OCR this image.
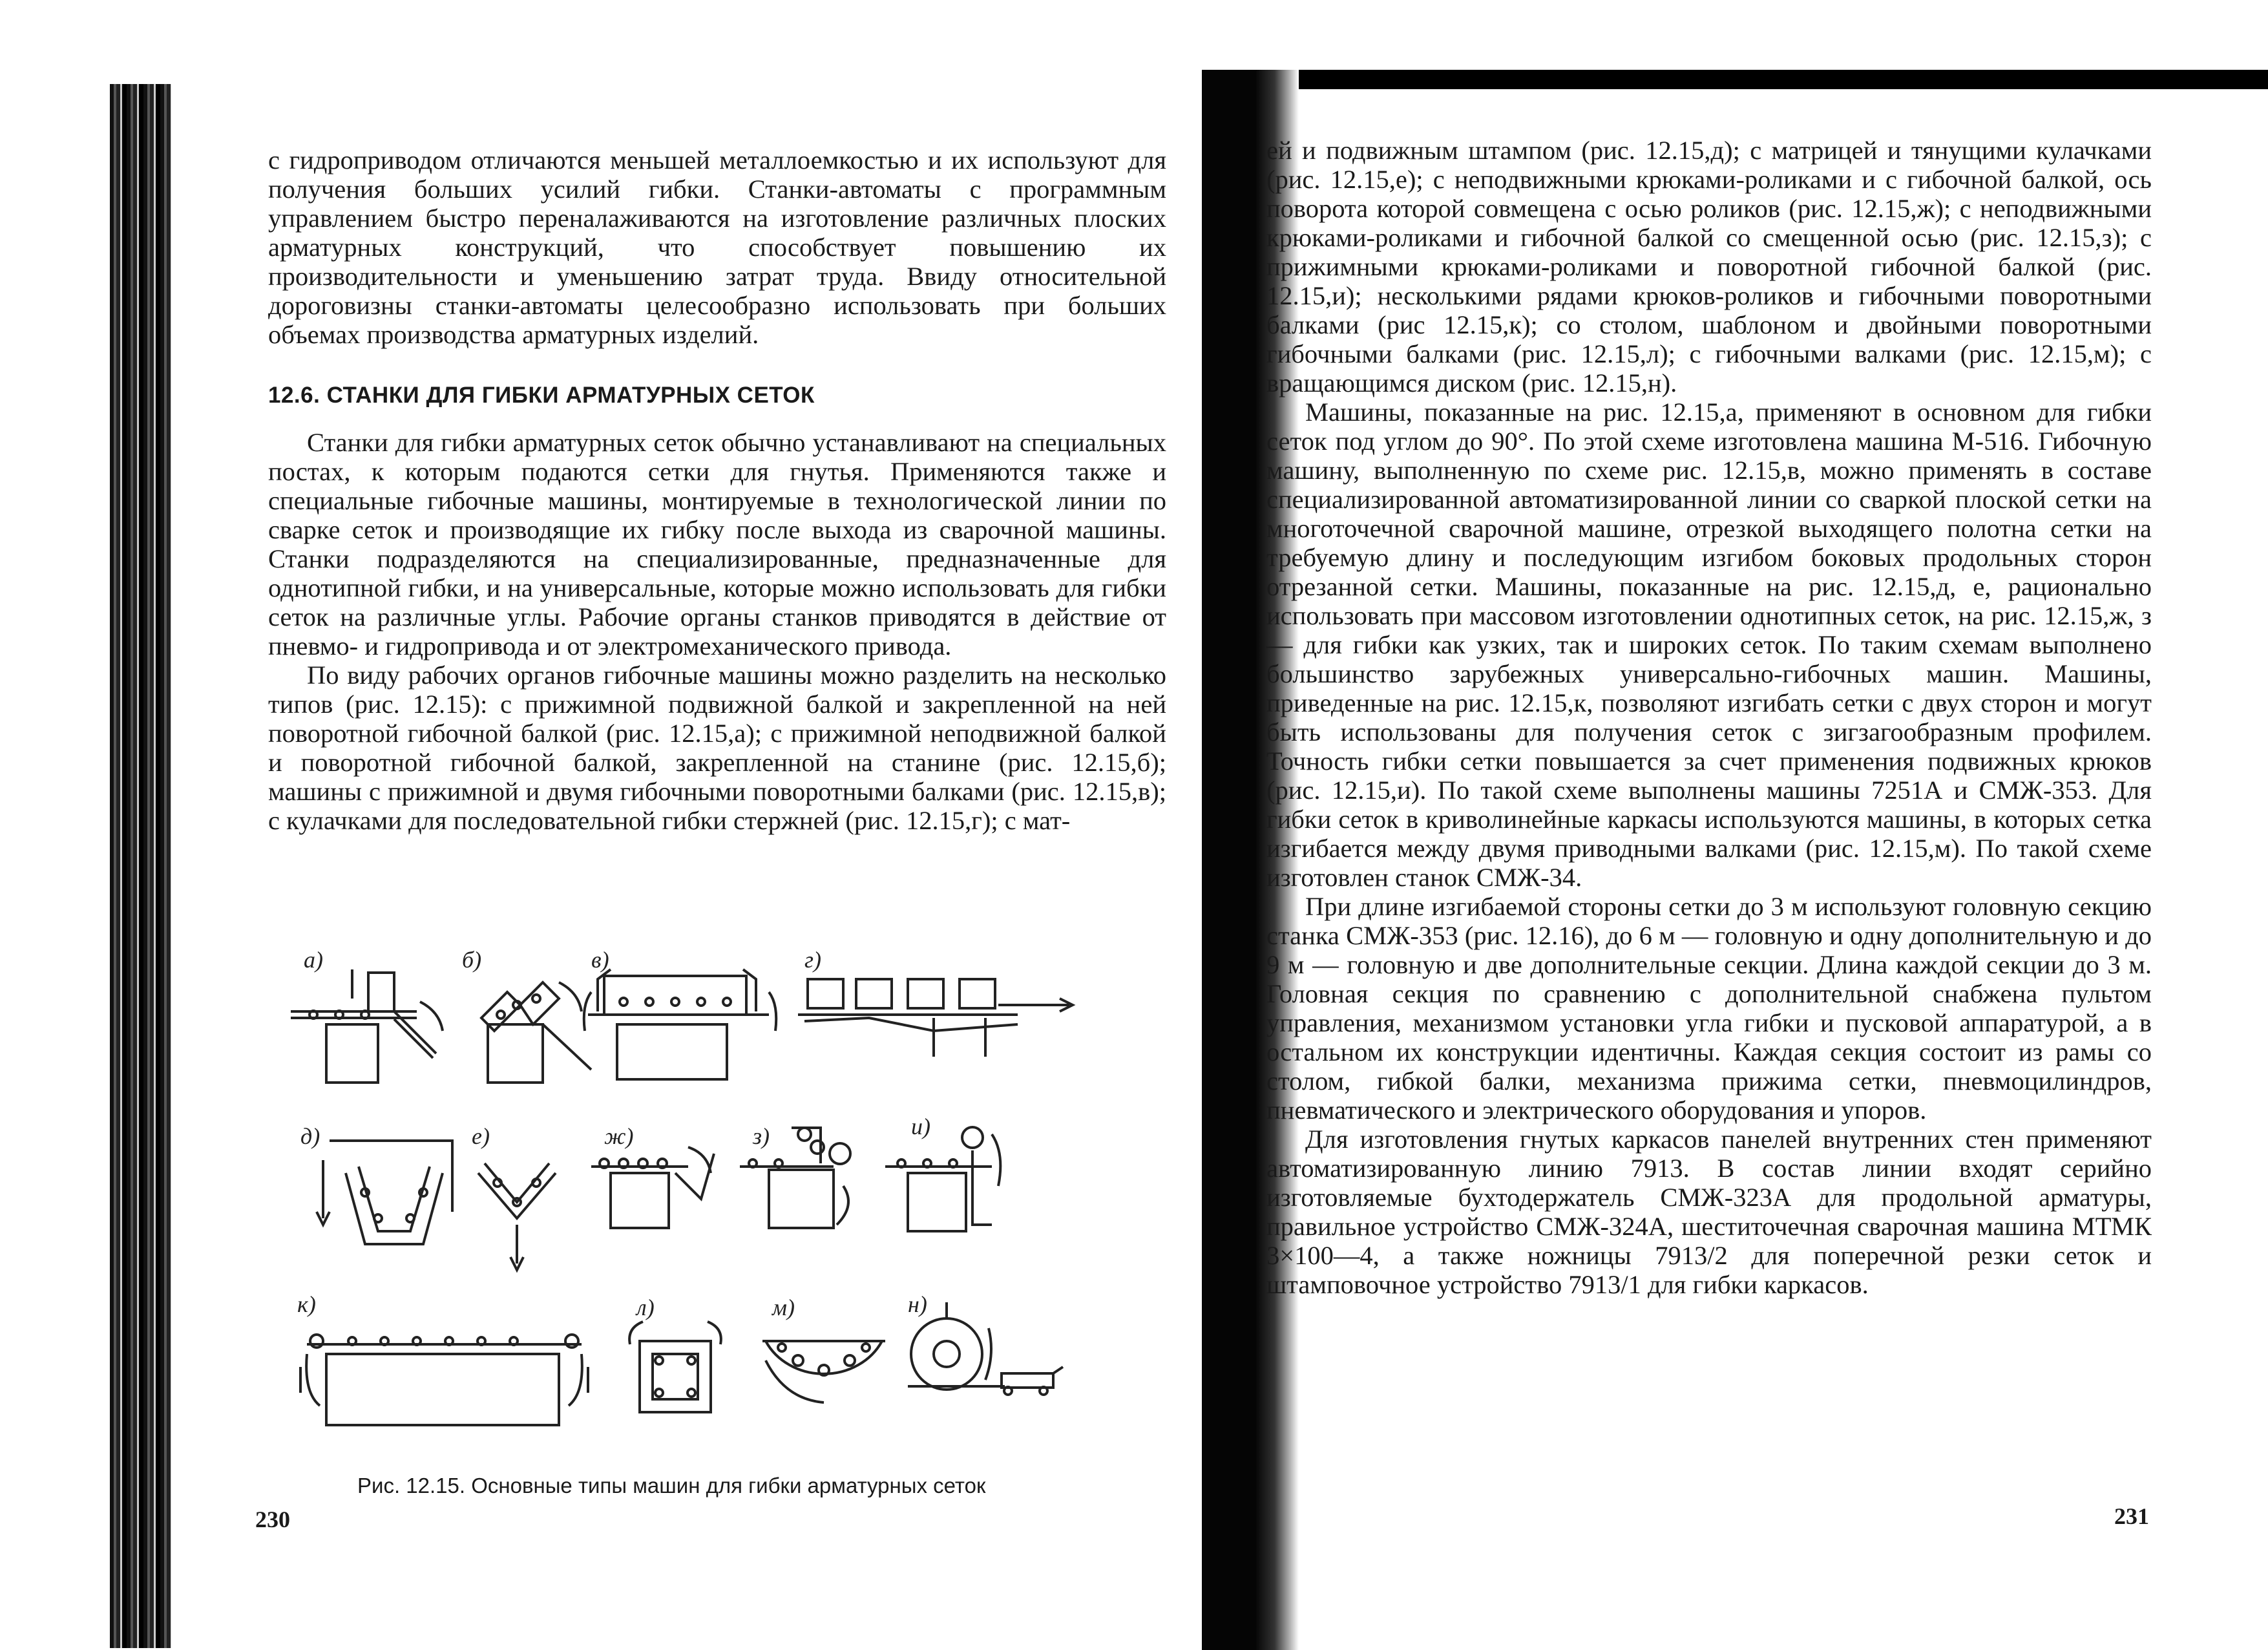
с гидроприводом отличаются меньшей металлоемкостью и их используют для получения больших усилий гибки. Станки-автоматы с программным управлением быстро переналаживаются на изготовление различных плоских арматурных конструкций, что способствует повышению их производительности и уменьшению затрат труда. Ввиду относительной дороговизны станки-автоматы целесообразно использовать при больших объемах производства арматурных изделий.

12.6. СТАНКИ ДЛЯ ГИБКИ АРМАТУРНЫХ СЕТОК

Станки для гибки арматурных сеток обычно устанавливают на специальных постах, к которым подаются сетки для гнутья. Применяются также и специальные гибочные машины, монтируемые в технологической линии по сварке сеток и производящие их гибку после выхода из сварочной машины. Станки подразделяются на специализированные, предназначенные для однотипной гибки, и на универсальные, которые можно использовать для гибки сеток на различные углы. Рабочие органы станков приводятся в действие от пневмо- и гидропривода и от электромеханического привода.

По виду рабочих органов гибочные машины можно разделить на несколько типов (рис. 12.15): с прижимной подвижной балкой и закрепленной на ней поворотной гибочной балкой (рис. 12.15,а); с прижимной неподвижной балкой и поворотной гибочной балкой, закрепленной на станине (рис. 12.15,б); машины с прижимной и двумя гибочными поворотными балками (рис. 12.15,в); с кулачками для последовательной гибки стержней (рис. 12.15,г); с мат-

а)	б)	в)	г)
д)	е)	ж)	з)	и)
к)	л)	м)	н)
Рис. 12.15. Основные типы машин для гибки арматурных сеток
230

ей и подвижным штампом (рис. 12.15,д); с матрицей и тянущими кулачками (рис. 12.15,е); с неподвижными крюками-роликами и с гибочной балкой, ось поворота которой совмещена с осью роликов (рис. 12.15,ж); с неподвижными крюками-роликами и гибочной балкой со смещенной осью (рис. 12.15,з); с прижимными крюками-роликами и поворотной гибочной балкой (рис. 12.15,и); несколькими рядами крюков-роликов и гибочными поворотными балками (рис 12.15,к); со столом, шаблоном и двойными поворотными гибочными балками (рис. 12.15,л); с гибочными валками (рис. 12.15,м); с вращающимся диском (рис. 12.15,н).

Машины, показанные на рис. 12.15,а, применяют в основном для гибки сеток под углом до 90°. По этой схеме изготовлена машина М-516. Гибочную машину, выполненную по схеме рис. 12.15,в, можно применять в составе специализированной автоматизированной линии со сваркой плоской сетки на многоточечной сварочной машине, отрезкой выходящего полотна сетки на требуемую длину и последующим изгибом боковых продольных сторон отрезанной сетки. Машины, показанные на рис. 12.15,д, е, рационально использовать при массовом изготовлении однотипных сеток, на рис. 12.15,ж, з — для гибки как узких, так и широких сеток. По таким схемам выполнено большинство зарубежных универсально-гибочных машин. Машины, приведенные на рис. 12.15,к, позволяют изгибать сетки с двух сторон и могут быть использованы для получения сеток с зигзагообразным профилем. Точность гибки сетки повышается за счет применения подвижных крюков (рис. 12.15,и). По такой схеме выполнены машины 7251А и СМЖ-353. Для гибки сеток в криволинейные каркасы используются машины, в которых сетка изгибается между двумя приводными валками (рис. 12.15,м). По такой схеме изготовлен станок СМЖ-34.

При длине изгибаемой стороны сетки до 3 м используют головную секцию станка СМЖ-353 (рис. 12.16), до 6 м — головную и одну дополнительную и до 9 м — головную и две дополнительные секции. Длина каждой секции до 3 м. Головная секция по сравнению с дополнительной снабжена пультом управления, механизмом установки угла гибки и пусковой аппаратурой, а в остальном их конструкции идентичны. Каждая секция состоит из рамы со столом, гибкой балки, механизма прижима сетки, пневмоцилиндров, пневматического и электрического оборудования и упоров.

Для изготовления гнутых каркасов панелей внутренних стен применяют автоматизированную линию 7913. В состав линии входят серийно изготовляемые бухтодержатель СМЖ-323А для продольной арматуры, правильное устройство СМЖ-324А, шеститочечная сварочная машина МТМК 3×100—4, а также ножницы 7913/2 для поперечной резки сеток и штамповочное устройство 7913/1 для гибки каркасов.

231
